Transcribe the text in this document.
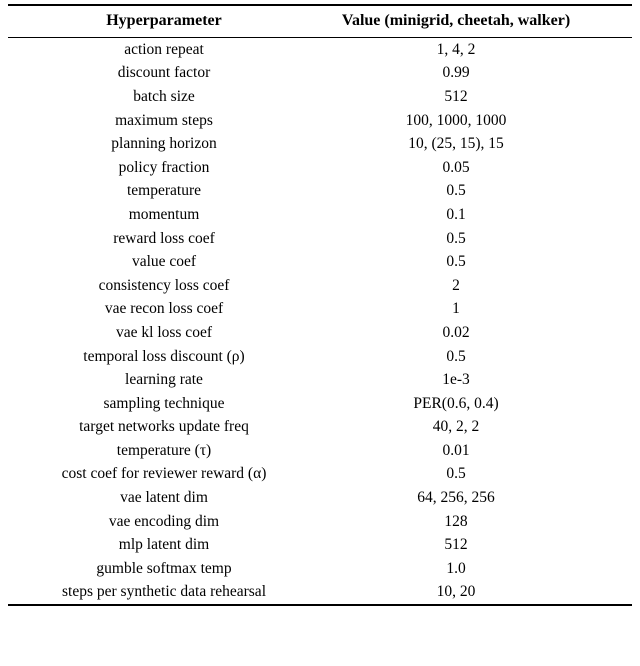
Hyperparameter	Value (minigrid, cheetah, walker)
action repeat	1, 4, 2
discount factor	0.99
batch size	512
maximum steps	100, 1000, 1000
planning horizon	10, (25, 15), 15
policy fraction	0.05
temperature	0.5
momentum	0.1
reward loss coef	0.5
value coef	0.5
consistency loss coef	2
vae recon loss coef	1
vae kl loss coef	0.02
temporal loss discount (ρ)	0.5
learning rate	1e-3
sampling technique	PER(0.6, 0.4)
target networks update freq	40, 2, 2
temperature (τ)	0.01
cost coef for reviewer reward (α)	0.5
vae latent dim	64, 256, 256
vae encoding dim	128
mlp latent dim	512
gumble softmax temp	1.0
steps per synthetic data rehearsal	10, 20
